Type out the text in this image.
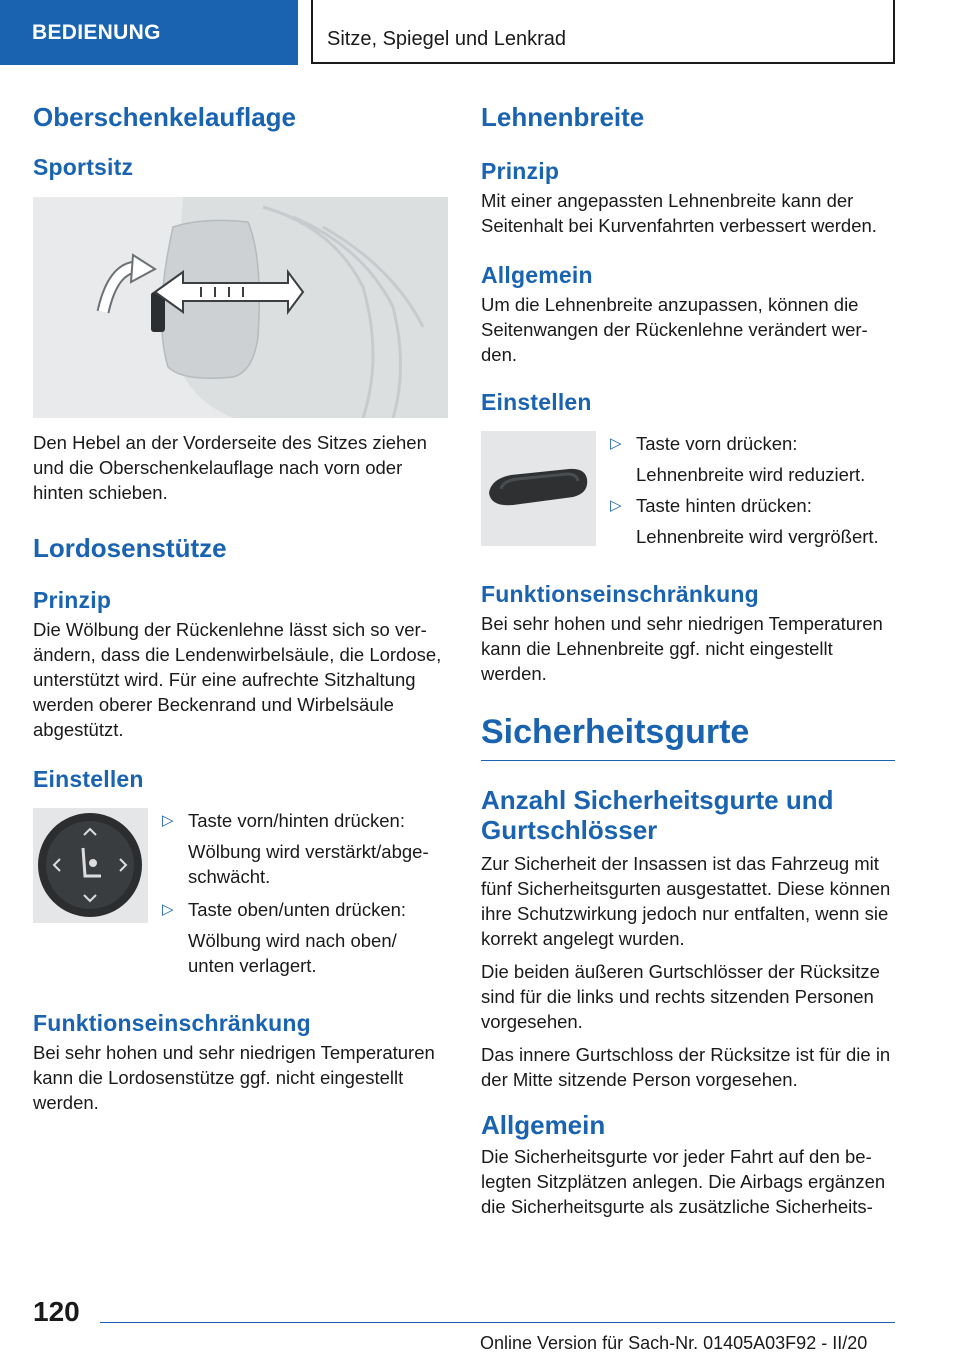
BEDIENUNG	Sitze, Spiegel und Lenkrad
Oberschenkelauflage
Sportsitz

Den Hebel an der Vorderseite des Sitzes ziehen und die Oberschenkelauflage nach vorn oder hinten schieben.

Lordosenstütze
Prinzip

Die Wölbung der Rückenlehne lässt sich so verändern, dass die Lendenwirbelsäule, die Lordose, unterstützt wird. Für eine aufrechte Sitzhaltung werden oberer Beckenrand und Wirbelsäule abgestützt.

Einstellen
▷ Taste vorn/hinten drücken:
Wölbung wird verstärkt/abgeschwächt.
▷ Taste oben/unten drücken:
Wölbung wird nach oben/ unten verlagert.
Funktionseinschränkung

Bei sehr hohen und sehr niedrigen Temperaturen kann die Lordosenstütze ggf. nicht eingestellt werden.

Lehnenbreite
Prinzip

Mit einer angepassten Lehnenbreite kann der Seitenhalt bei Kurvenfahrten verbessert werden.

Allgemein

Um die Lehnenbreite anzupassen, können die Seitenwangen der Rückenlehne verändert werden.

Einstellen
▷ Taste vorn drücken:
Lehnenbreite wird reduziert.
▷ Taste hinten drücken:
Lehnenbreite wird vergrößert.
Funktionseinschränkung

Bei sehr hohen und sehr niedrigen Temperaturen kann die Lehnenbreite ggf. nicht eingestellt werden.

Sicherheitsgurte
Anzahl Sicherheitsgurte und Gurtschlösser

Zur Sicherheit der Insassen ist das Fahrzeug mit fünf Sicherheitsgurten ausgestattet. Diese können ihre Schutzwirkung jedoch nur entfalten, wenn sie korrekt angelegt wurden.

Die beiden äußeren Gurtschlösser der Rücksitze sind für die links und rechts sitzenden Personen vorgesehen.

Das innere Gurtschloss der Rücksitze ist für die in der Mitte sitzende Person vorgesehen.

Allgemein

Die Sicherheitsgurte vor jeder Fahrt auf den belegten Sitzplätzen anlegen. Die Airbags ergänzen die Sicherheitsgurte als zusätzliche Sicherheits-

120
Online Version für Sach-Nr. 01405A03F92 - II/20
